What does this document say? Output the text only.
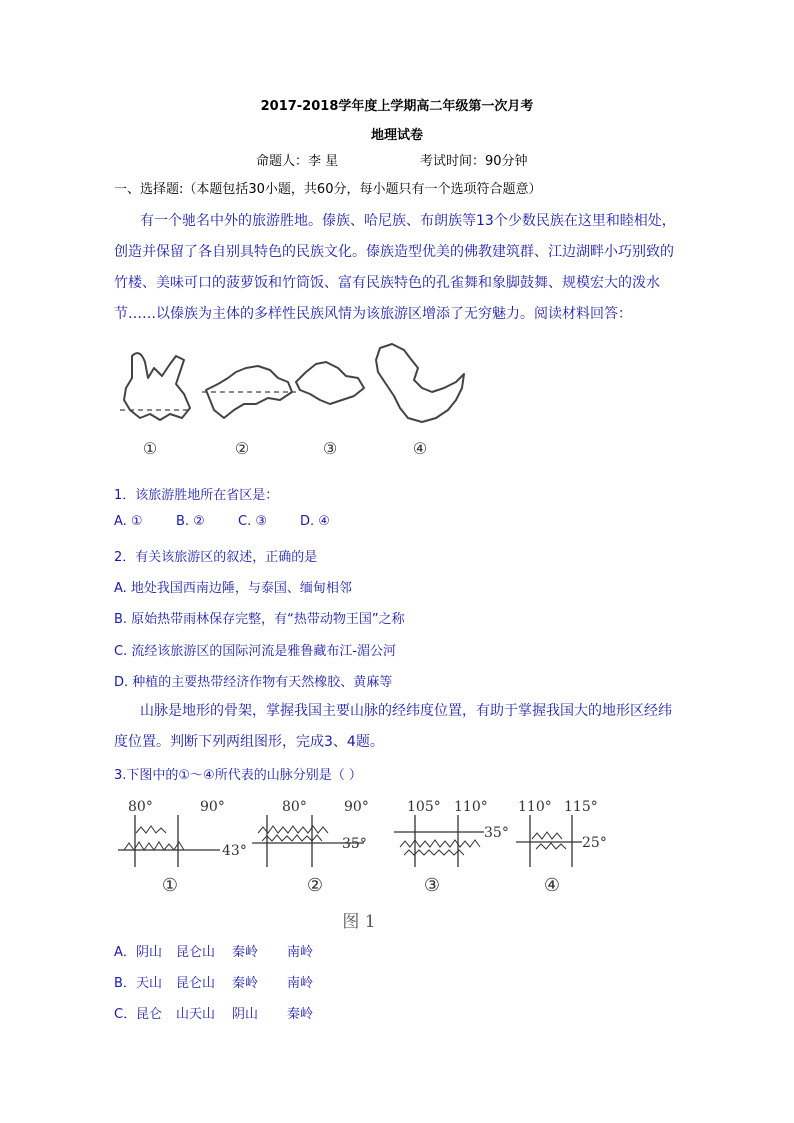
2017-2018学年度上学期高二年级第一次月考
地理试卷
命题人：李 星	考试时间：90分钟
一、选择题:（本题包括30小题，共60分，每小题只有一个选项符合题意）
有一个驰名中外的旅游胜地。傣族、哈尼族、布朗族等13个少数民族在这里和睦相处，
创造并保留了各自别具特色的民族文化。傣族造型优美的佛教建筑群、江边湖畔小巧别致的
竹楼、美味可口的菠萝饭和竹筒饭、富有民族特色的孔雀舞和象脚鼓舞、规模宏大的泼水
节……以傣族为主体的多样性民族风情为该旅游区增添了无穷魅力。阅读材料回答：
①	②	③	④
1．该旅游胜地所在省区是：
A. ①	B. ②	C. ③	D. ④
2．有关该旅游区的叙述，正确的是
A. 地处我国西南边陲，与泰国、缅甸相邻
B. 原始热带雨林保存完整，有“热带动物王国”之称
C. 流经该旅游区的国际河流是雅鲁藏布江-湄公河
D. 种植的主要热带经济作物有天然橡胶、黄麻等
山脉是地形的骨架，掌握我国主要山脉的经纬度位置，有助于掌握我国大的地形区经纬
度位置。判断下列两组图形，完成3、4题。
3.下图中的①～④所代表的山脉分别是（ ）
80°	90°
43°
80°	90°
35°
105° 110°
35°
110° 115°
25°
①	②	③	④
图 1
A． 阴山 昆仑山 秦岭 南岭
B． 天山 昆仑山 秦岭 南岭
C． 昆仑 山天山 阴山 秦岭
